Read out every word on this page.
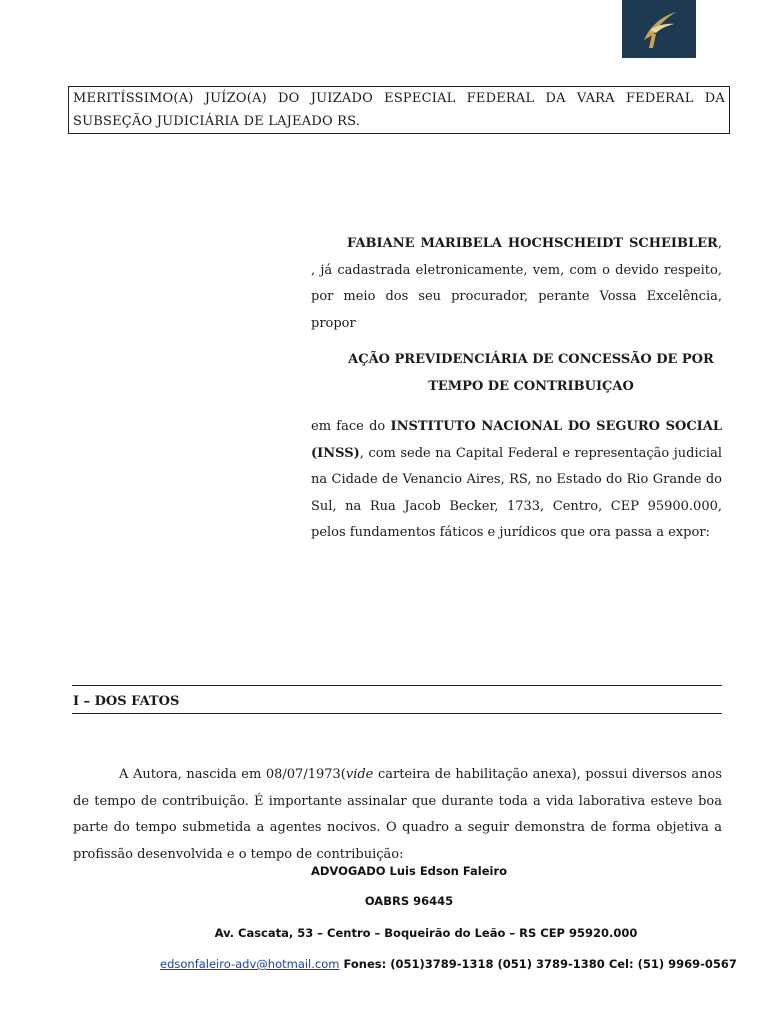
MERITÍSSIMO(A) JUÍZO(A) DO JUIZADO ESPECIAL FEDERAL DA VARA FEDERAL DA SUBSEÇÃO JUDICIÁRIA DE LAJEADO RS.
FABIANE MARIBELA HOCHSCHEIDT SCHEIBLER, , já cadastrada eletronicamente, vem, com o devido respeito, por meio dos seu procurador, perante Vossa Excelência, propor
AÇÃO PREVIDENCIÁRIA DE CONCESSÃO DE POR
TEMPO DE CONTRIBUIÇAO
em face do INSTITUTO NACIONAL DO SEGURO SOCIAL (INSS), com sede na Capital Federal e representação judicial na Cidade de Venancio Aires, RS, no Estado do Rio Grande do Sul, na Rua Jacob Becker, 1733, Centro, CEP 95900.000, pelos fundamentos fáticos e jurídicos que ora passa a expor:
I – DOS FATOS
A Autora, nascida em 08/07/1973(vide carteira de habilitação anexa), possui diversos anos de tempo de contribuição. É importante assinalar que durante toda a vida laborativa esteve boa parte do tempo submetida a agentes nocivos. O quadro a seguir demonstra de forma objetiva a profissão desenvolvida e o tempo de contribuição:
ADVOGADO Luis Edson Faleiro
OABRS 96445
Av. Cascata, 53 – Centro – Boqueirão do Leão – RS CEP 95920.000
edsonfaleiro-adv@hotmail.com Fones: (051)3789-1318 (051) 3789-1380 Cel: (51) 9969-0567
